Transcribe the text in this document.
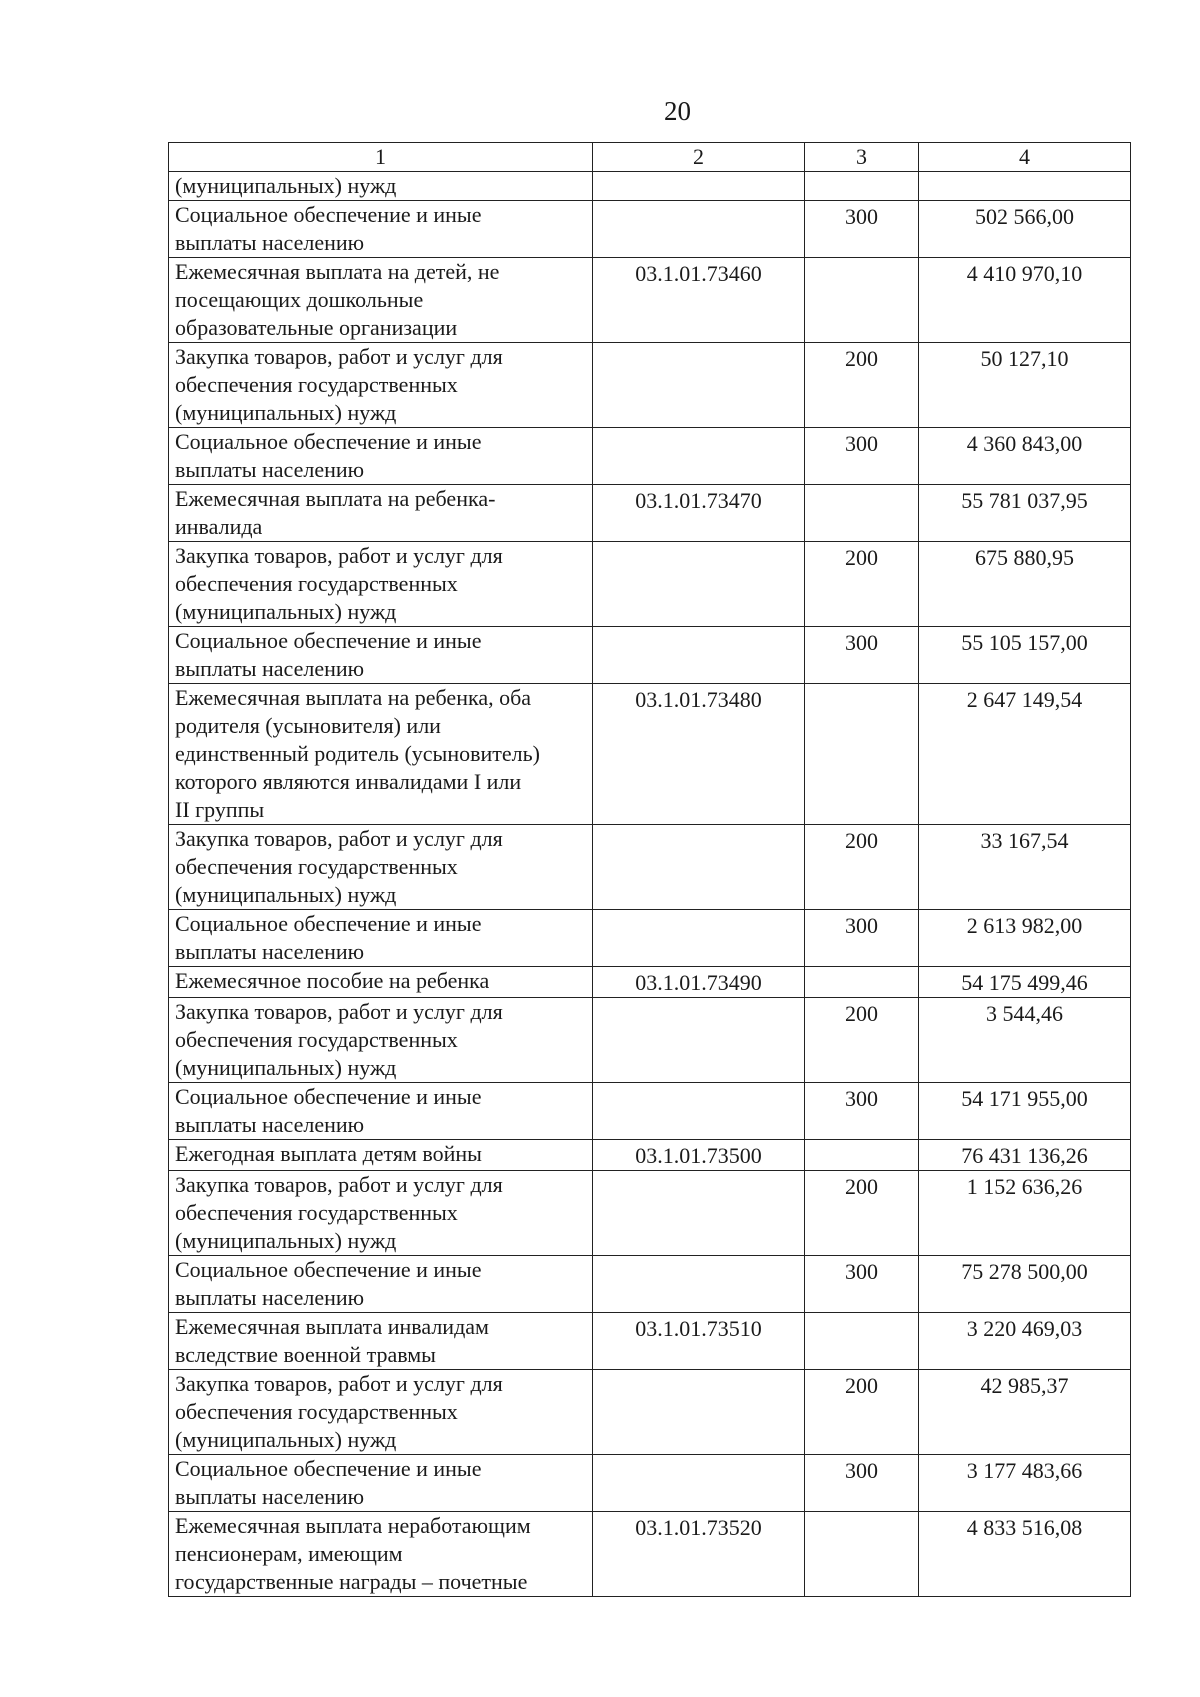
20
1	2	3	4

(муниципальных) нужд			

Социальное обеспечение и иные
выплаты населению		300	502 566,00

Ежемесячная выплата на детей, не
посещающих дошкольные
образовательные организации	03.1.01.73460		4 410 970,10

Закупка товаров, работ и услуг для
обеспечения государственных
(муниципальных) нужд		200	50 127,10

Социальное обеспечение и иные
выплаты населению		300	4 360 843,00

Ежемесячная выплата на ребенка-
инвалида	03.1.01.73470		55 781 037,95

Закупка товаров, работ и услуг для
обеспечения государственных
(муниципальных) нужд		200	675 880,95

Социальное обеспечение и иные
выплаты населению		300	55 105 157,00

Ежемесячная выплата на ребенка, оба
родителя (усыновителя) или
единственный родитель (усыновитель)
которого являются инвалидами I или
II группы	03.1.01.73480		2 647 149,54

Закупка товаров, работ и услуг для
обеспечения государственных
(муниципальных) нужд		200	33 167,54

Социальное обеспечение и иные
выплаты населению		300	2 613 982,00

Ежемесячное пособие на ребенка	03.1.01.73490		54 175 499,46

Закупка товаров, работ и услуг для
обеспечения государственных
(муниципальных) нужд		200	3 544,46

Социальное обеспечение и иные
выплаты населению		300	54 171 955,00

Ежегодная выплата детям войны	03.1.01.73500		76 431 136,26

Закупка товаров, работ и услуг для
обеспечения государственных
(муниципальных) нужд		200	1 152 636,26

Социальное обеспечение и иные
выплаты населению		300	75 278 500,00

Ежемесячная выплата инвалидам
вследствие военной травмы	03.1.01.73510		3 220 469,03

Закупка товаров, работ и услуг для
обеспечения государственных
(муниципальных) нужд		200	42 985,37

Социальное обеспечение и иные
выплаты населению		300	3 177 483,66

Ежемесячная выплата неработающим
пенсионерам, имеющим
государственные награды – почетные	03.1.01.73520		4 833 516,08
